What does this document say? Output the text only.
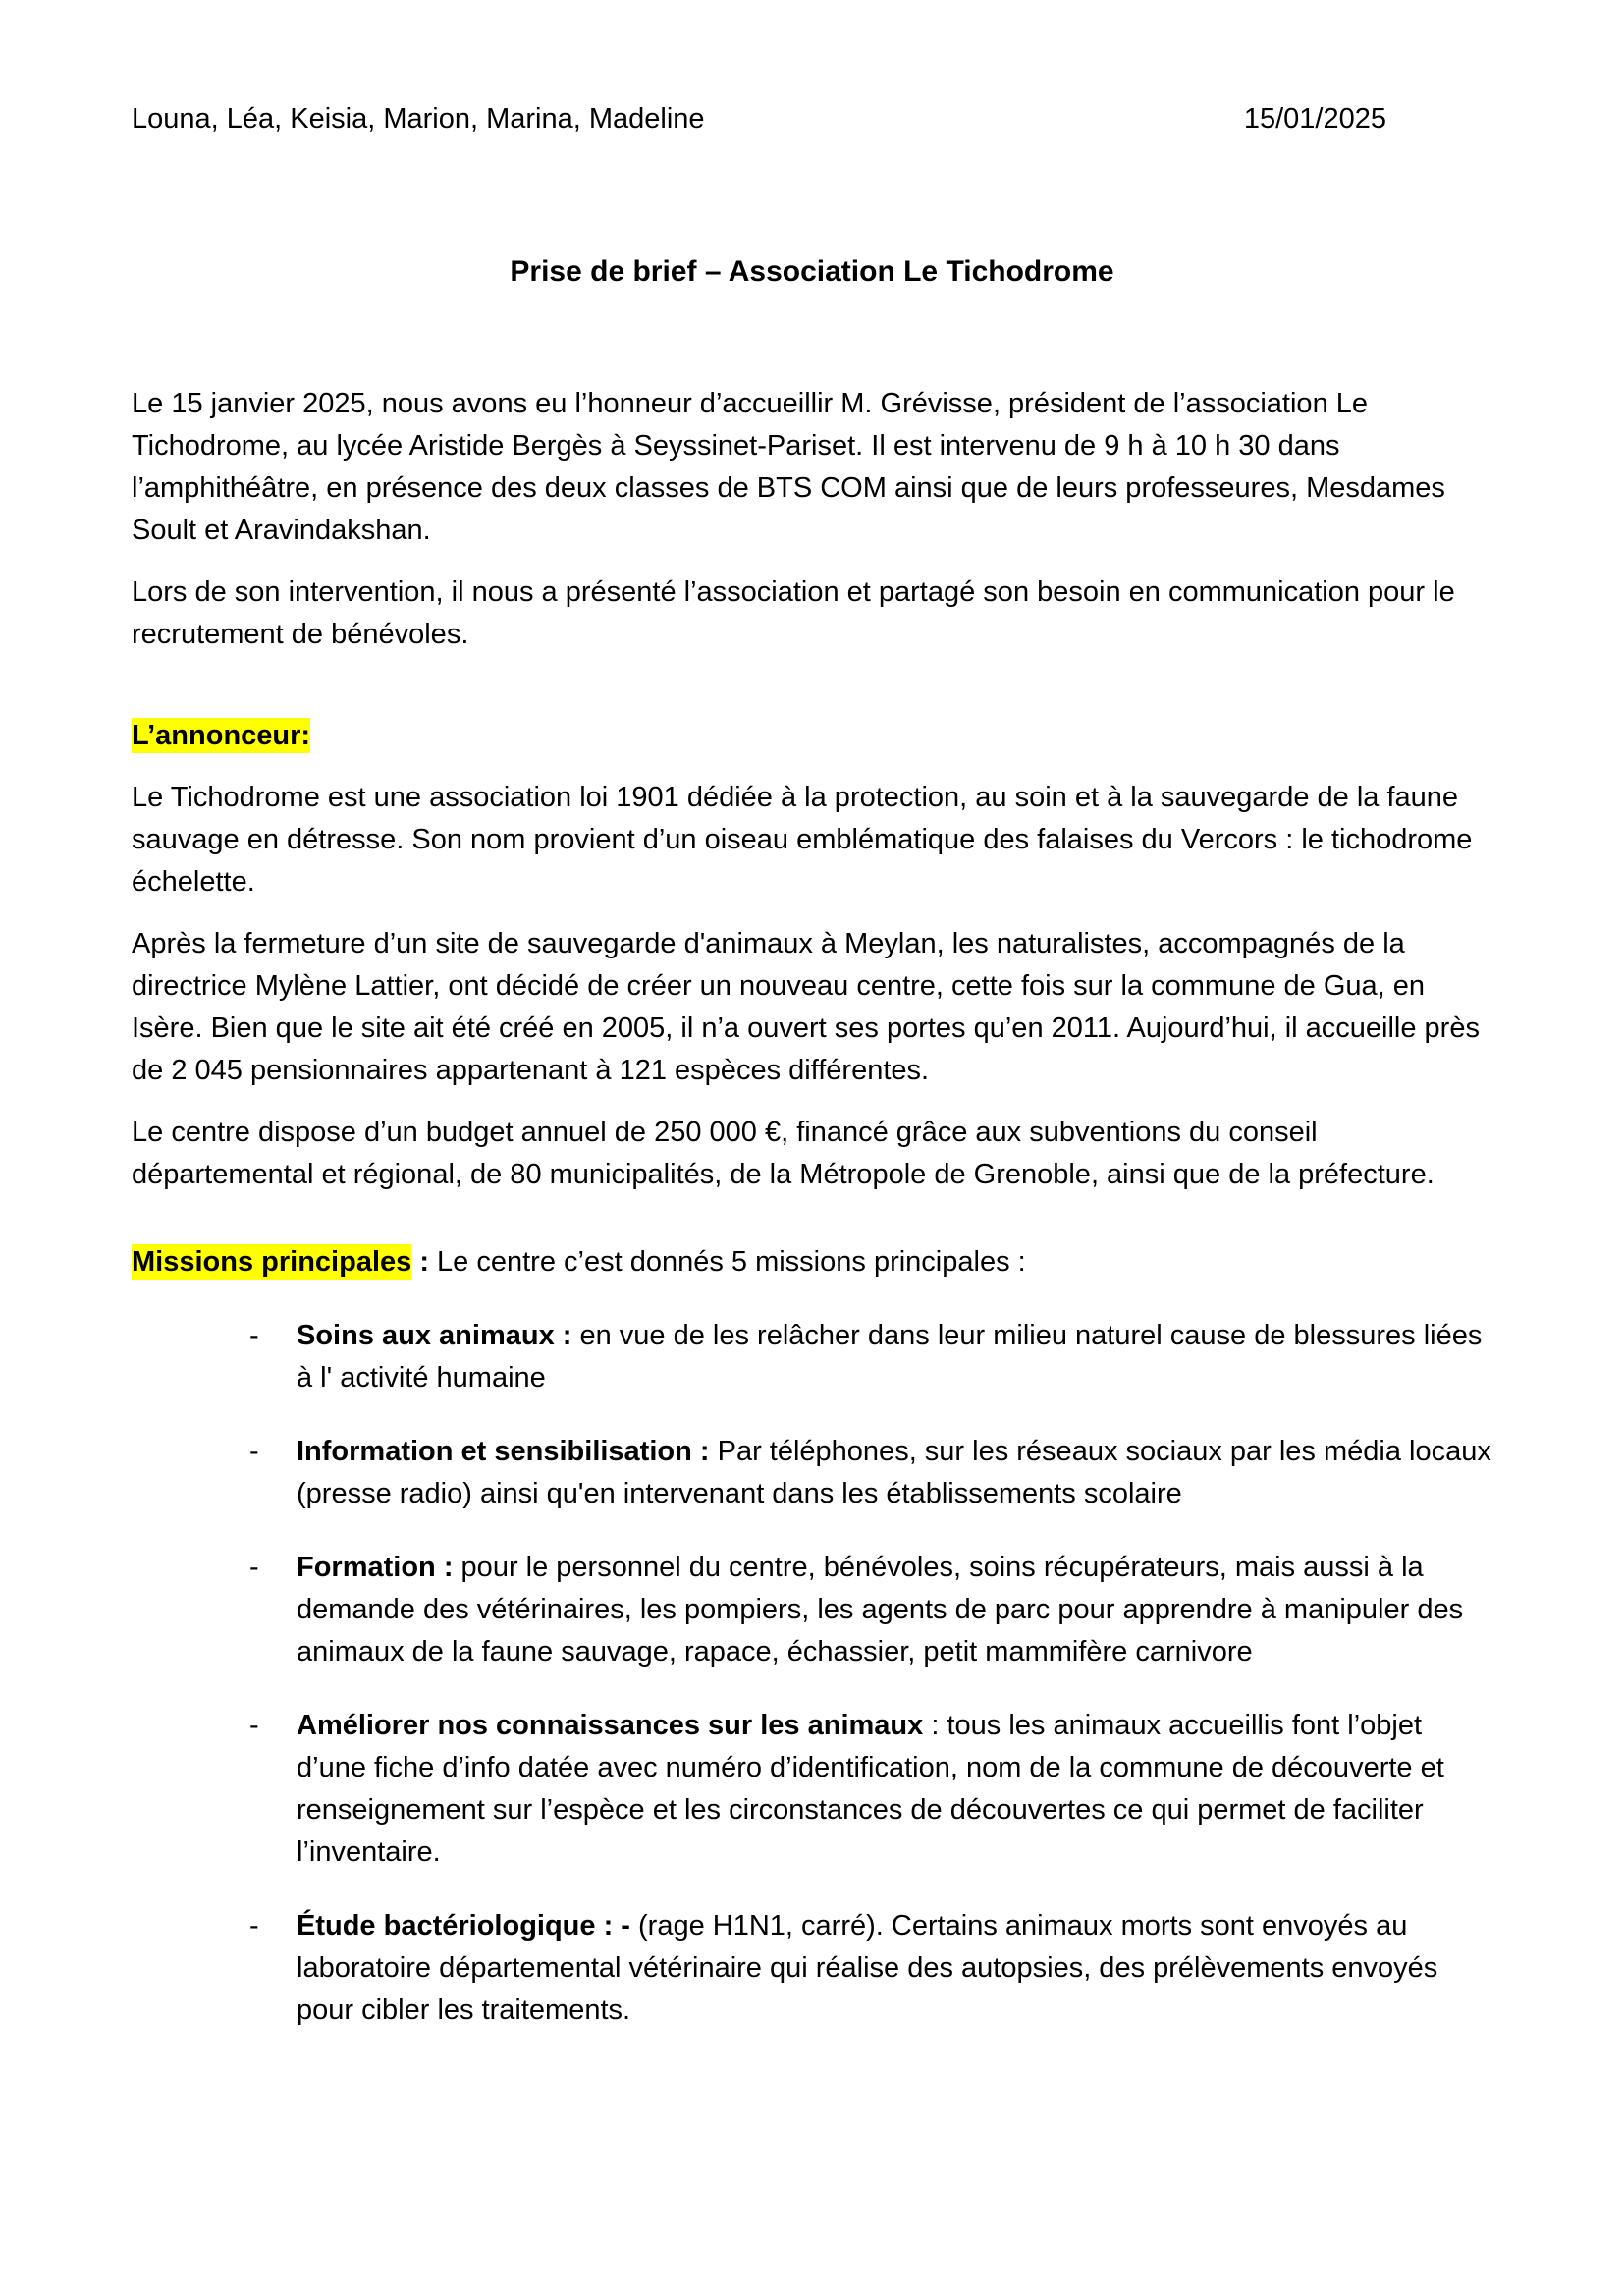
Louna, Léa, Keisia, Marion, Marina, Madeline	15/01/2025
Prise de brief – Association Le Tichodrome

Le 15 janvier 2025, nous avons eu l’honneur d’accueillir M. Grévisse, président de l’association Le Tichodrome, au lycée Aristide Bergès à Seyssinet-Pariset. Il est intervenu de 9 h à 10 h 30 dans l’amphithéâtre, en présence des deux classes de BTS COM ainsi que de leurs professeures, Mesdames Soult et Aravindakshan.

Lors de son intervention, il nous a présenté l’association et partagé son besoin en communication pour le recrutement de bénévoles.

L’annonceur:

Le Tichodrome est une association loi 1901 dédiée à la protection, au soin et à la sauvegarde de la faune sauvage en détresse. Son nom provient d’un oiseau emblématique des falaises du Vercors : le tichodrome échelette.

Après la fermeture d’un site de sauvegarde d'animaux à Meylan, les naturalistes, accompagnés de la directrice Mylène Lattier, ont décidé de créer un nouveau centre, cette fois sur la commune de Gua, en Isère. Bien que le site ait été créé en 2005, il n’a ouvert ses portes qu’en 2011. Aujourd’hui, il accueille près de 2 045 pensionnaires appartenant à 121 espèces différentes.

Le centre dispose d’un budget annuel de 250 000 €, financé grâce aux subventions du conseil départemental et régional, de 80 municipalités, de la Métropole de Grenoble, ainsi que de la préfecture.

Missions principales : Le centre c’est donnés 5 missions principales :

- Soins aux animaux : en vue de les relâcher dans leur milieu naturel cause de blessures liées à l' activité humaine
- Information et sensibilisation : Par téléphones, sur les réseaux sociaux par les média locaux (presse radio) ainsi qu'en intervenant dans les établissements scolaire
- Formation : pour le personnel du centre, bénévoles, soins récupérateurs, mais aussi à la demande des vétérinaires, les pompiers, les agents de parc pour apprendre à manipuler des animaux de la faune sauvage, rapace, échassier, petit mammifère carnivore
- Améliorer nos connaissances sur les animaux : tous les animaux accueillis font l’objet d’une fiche d’info datée avec numéro d’identification, nom de la commune de découverte et renseignement sur l’espèce et les circonstances de découvertes ce qui permet de faciliter l’inventaire.
- Étude bactériologique : - (rage H1N1, carré). Certains animaux morts sont envoyés au laboratoire départemental vétérinaire qui réalise des autopsies, des prélèvements envoyés pour cibler les traitements.
